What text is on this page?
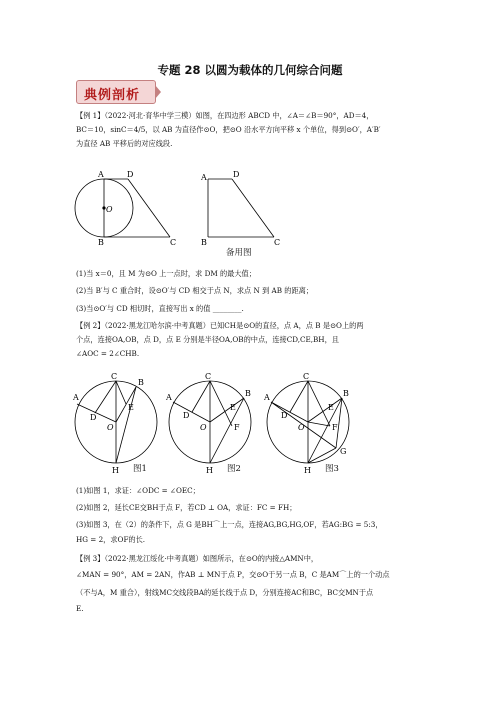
专题 28 以圆为载体的几何综合问题
典例剖析
【例 1】（2022·河北·育华中学三模）如图，在四边形 ABCD 中，∠A＝∠B＝90°，AD＝4，
BC＝10，sinC＝4/5，以 AB 为直径作⊙O，把⊙O 沿水平方向平移 x 个单位，得到⊙O′，A′B′
为直径 AB 平移后的对应线段.
A	D
O
B	C
A	D
B	C
备用图
(1)当 x＝0，且 M 为⊙O 上一点时，求 DM 的最大值；
(2)当 B′与 C 重合时，设⊙O′与 CD 相交于点 N，求点 N 到 AB 的距离；
(3)当⊙O′与 CD 相切时，直接写出 x 的值 ________.
【例 2】（2022·黑龙江哈尔滨·中考真题）已知CH是⊙O的直径，点 A，点 B 是⊙O上的两
个点，连接OA,OB，点 D，点 E 分别是半径OA,OB的中点，连接CD,CE,BH，且
∠AOC = 2∠CHB.
C
A
B
D
E
O
H
C
A	B
D
E
F
O
H
C
A	B
D
E
F
G
O
H
图1	图2	图3
(1)如图 1，求证：∠ODC = ∠OEC；
(2)如图 2，延长CE交BH于点 F，若CD ⊥ OA，求证：FC = FH；
(3)如图 3，在（2）的条件下，点 G 是BH⌒上一点，连接AG,BG,HG,OF，若AG:BG = 5:3，
HG = 2，求OF的长.
【例 3】（2022·黑龙江绥化·中考真题）如图所示，在⊙O的内接△AMN中，
∠MAN = 90°，AM = 2AN，作AB ⊥ MN于点 P，交⊙O于另一点 B，C 是AM⌒上的一个动点
（不与A，M 重合），射线MC交线段BA的延长线于点 D，分别连接AC和BC，BC交MN于点
E.
